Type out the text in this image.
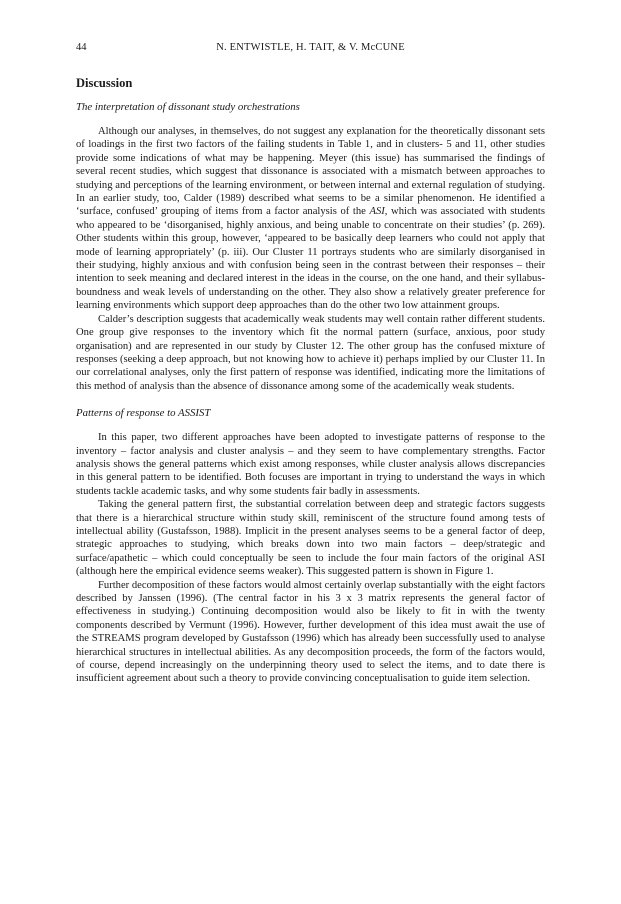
44	N. ENTWISTLE, H. TAIT, & V. McCUNE
Discussion
The interpretation of dissonant study orchestrations

Although our analyses, in themselves, do not suggest any explanation for the theoretically dissonant sets of loadings in the first two factors of the failing students in Table 1, and in clusters- 5 and 11, other studies provide some indications of what may be happening. Meyer (this issue) has summarised the findings of several recent studies, which suggest that dissonance is associated with a mismatch between approaches to studying and perceptions of the learning environment, or between internal and external regulation of studying. In an earlier study, too, Calder (1989) described what seems to be a similar phenomenon. He identified a ‘surface, confused’ grouping of items from a factor analysis of the ASI, which was associated with students who appeared to be ‘disorganised, highly anxious, and being unable to concentrate on their studies’ (p. 269). Other students within this group, however, ‘appeared to be basically deep learners who could not apply that mode of learning appropriately’ (p. iii). Our Cluster 11 portrays students who are similarly disorganised in their studying, highly anxious and with confusion being seen in the contrast between their responses – their intention to seek meaning and declared interest in the ideas in the course, on the one hand, and their syllabus-boundness and weak levels of understanding on the other. They also show a relatively greater preference for learning environments which support deep approaches than do the other two low attainment groups.

Calder’s description suggests that academically weak students may well contain rather different students. One group give responses to the inventory which fit the normal pattern (surface, anxious, poor study organisation) and are represented in our study by Cluster 12. The other group has the confused mixture of responses (seeking a deep approach, but not knowing how to achieve it) perhaps implied by our Cluster 11. In our correlational analyses, only the first pattern of response was identified, indicating more the limitations of this method of analysis than the absence of dissonance among some of the academically weak students.

Patterns of response to ASSIST

In this paper, two different approaches have been adopted to investigate patterns of response to the inventory – factor analysis and cluster analysis – and they seem to have complementary strengths. Factor analysis shows the general patterns which exist among responses, while cluster analysis allows discrepancies in this general pattern to be identified. Both focuses are important in trying to understand the ways in which students tackle academic tasks, and why some students fair badly in assessments.

Taking the general pattern first, the substantial correlation between deep and strategic factors suggests that there is a hierarchical structure within study skill, reminiscent of the structure found among tests of intellectual ability (Gustafsson, 1988). Implicit in the present analyses seems to be a general factor of deep, strategic approaches to studying, which breaks down into two main factors – deep/strategic and surface/apathetic – which could conceptually be seen to include the four main factors of the original ASI (although here the empirical evidence seems weaker). This suggested pattern is shown in Figure 1.

Further decomposition of these factors would almost certainly overlap substantially with the eight factors described by Janssen (1996). (The central factor in his 3 x 3 matrix represents the general factor of effectiveness in studying.) Continuing decomposition would also be likely to fit in with the twenty components described by Vermunt (1996). However, further development of this idea must await the use of the STREAMS program developed by Gustafsson (1996) which has already been successfully used to analyse hierarchical structures in intellectual abilities. As any decomposition proceeds, the form of the factors would, of course, depend increasingly on the underpinning theory used to select the items, and to date there is insufficient agreement about such a theory to provide convincing conceptualisation to guide item selection.
